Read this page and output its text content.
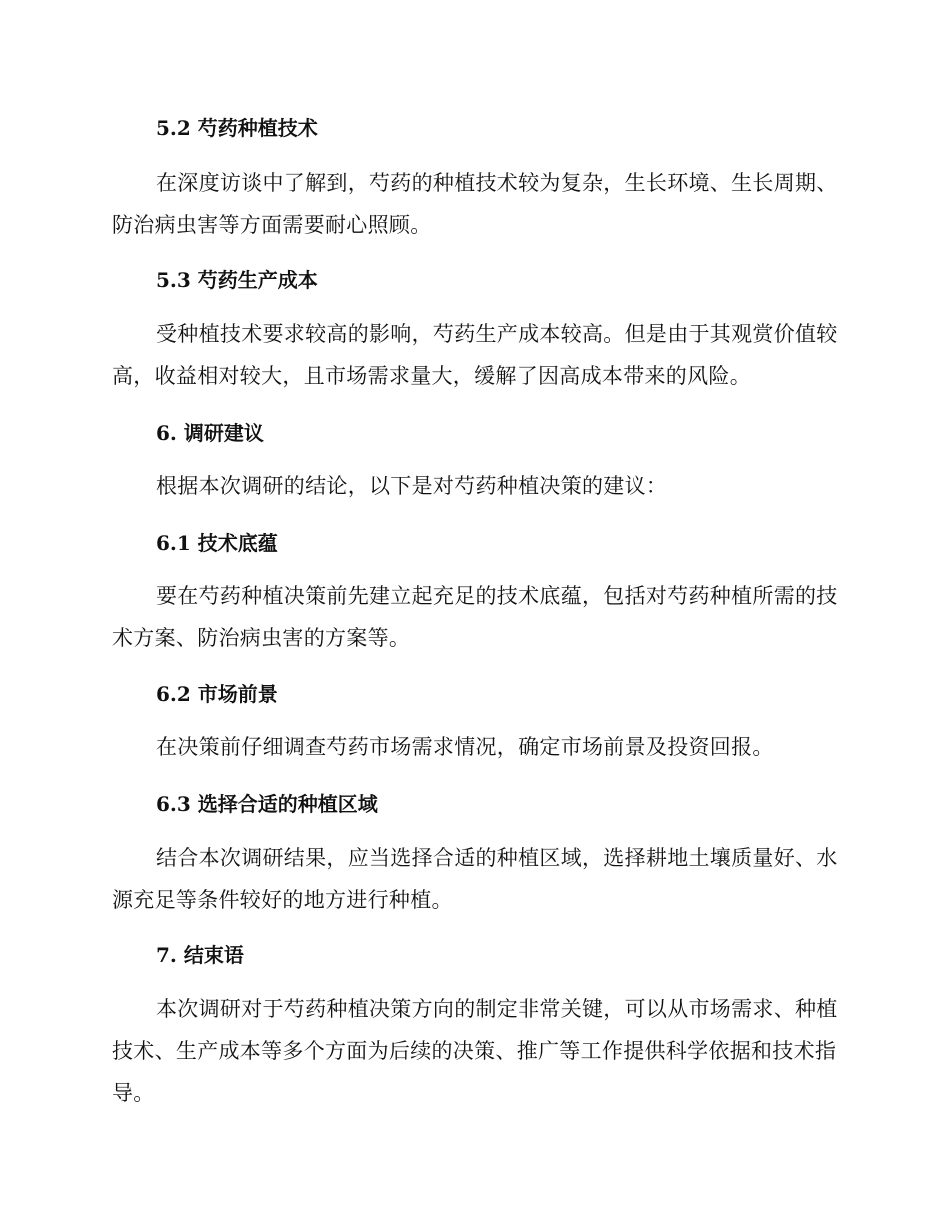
5.2 芍药种植技术

在深度访谈中了解到，芍药的种植技术较为复杂，生长环境、生长周期、防治病虫害等方面需要耐心照顾。

5.3 芍药生产成本

受种植技术要求较高的影响，芍药生产成本较高。但是由于其观赏价值较高，收益相对较大，且市场需求量大，缓解了因高成本带来的风险。

6. 调研建议

根据本次调研的结论，以下是对芍药种植决策的建议：

6.1 技术底蕴

要在芍药种植决策前先建立起充足的技术底蕴，包括对芍药种植所需的技术方案、防治病虫害的方案等。

6.2 市场前景

在决策前仔细调查芍药市场需求情况，确定市场前景及投资回报。

6.3 选择合适的种植区域

结合本次调研结果，应当选择合适的种植区域，选择耕地土壤质量好、水源充足等条件较好的地方进行种植。

7. 结束语

本次调研对于芍药种植决策方向的制定非常关键，可以从市场需求、种植技术、生产成本等多个方面为后续的决策、推广等工作提供科学依据和技术指导。
